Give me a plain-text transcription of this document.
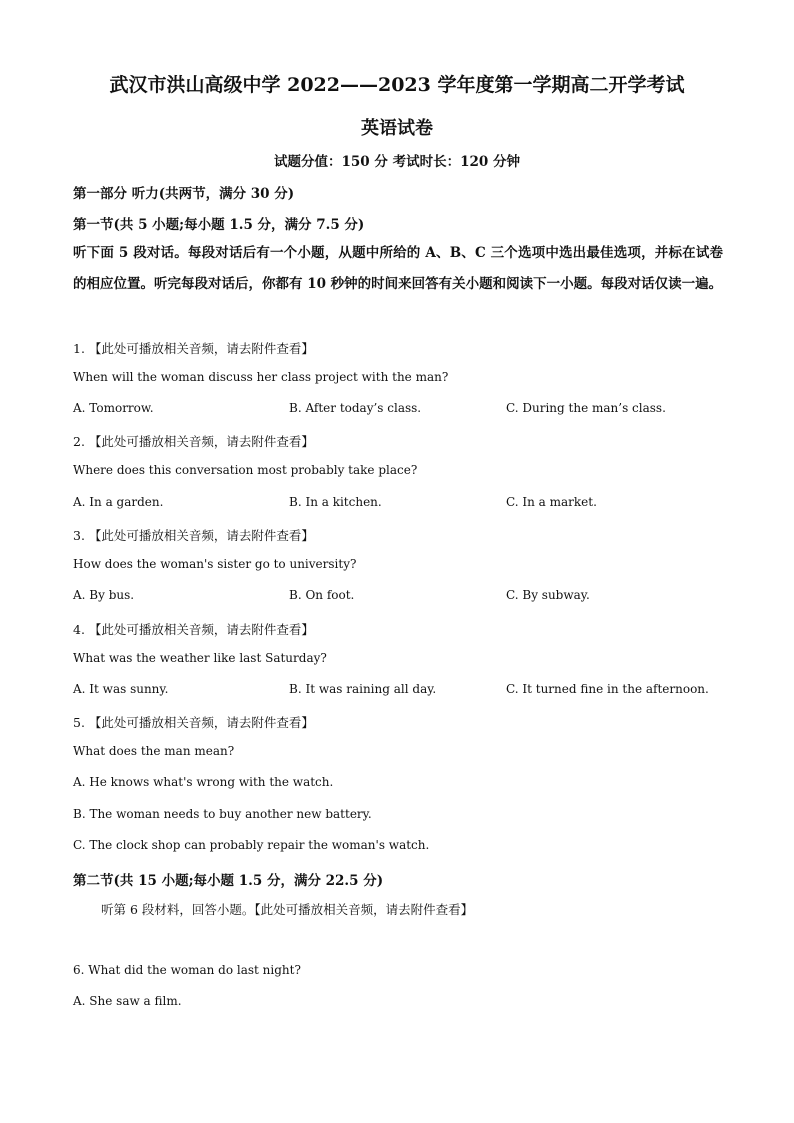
武汉市洪山高级中学 2022——2023 学年度第一学期高二开学考试
英语试卷
试题分值：150 分 考试时长：120 分钟
第一部分 听力(共两节，满分 30 分)
第一节(共 5 小题;每小题 1.5 分，满分 7.5 分)
听下面 5 段对话。每段对话后有一个小题，从题中所给的 A、B、C 三个选项中选出最佳选项，并标在试卷的相应位置。听完每段对话后，你都有 10 秒钟的时间来回答有关小题和阅读下一小题。每段对话仅读一遍。
1. 【此处可播放相关音频，请去附件查看】
When will the woman discuss her class project with the man?
A. Tomorrow.	B. After today’s class.	C. During the man’s class.
2. 【此处可播放相关音频，请去附件查看】
Where does this conversation most probably take place?
A. In a garden.	B. In a kitchen.	C. In a market.
3. 【此处可播放相关音频，请去附件查看】
How does the woman's sister go to university?
A. By bus.	B. On foot.	C. By subway.
4. 【此处可播放相关音频，请去附件查看】
What was the weather like last Saturday?
A. It was sunny.	B. It was raining all day.	C. It turned fine in the afternoon.
5. 【此处可播放相关音频，请去附件查看】
What does the man mean?
A. He knows what's wrong with the watch.
B. The woman needs to buy another new battery.
C. The clock shop can probably repair the woman's watch.
第二节(共 15 小题;每小题 1.5 分，满分 22.5 分)
听第 6 段材料，回答小题。【此处可播放相关音频，请去附件查看】
6. What did the woman do last night?
A. She saw a film.
